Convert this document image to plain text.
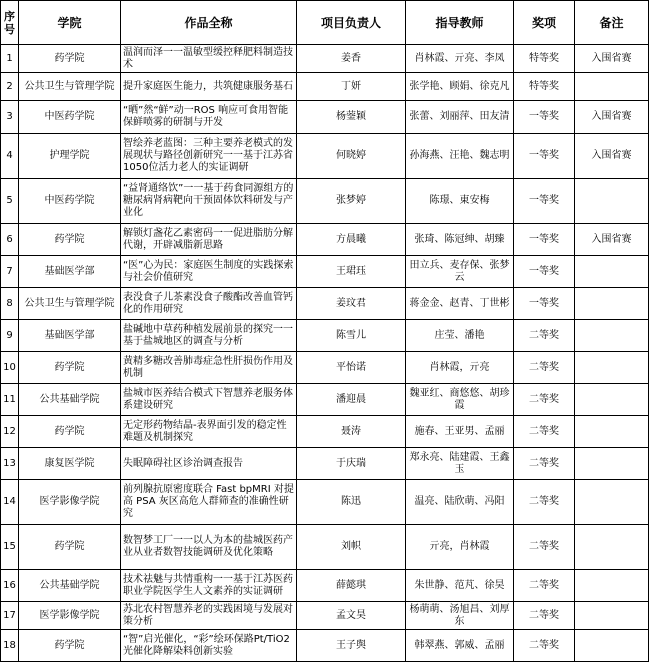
序号	学院	作品全称	项目负责人	指导教师	奖项	备注
1	药学院	温润而泽一一温敏型缓控释肥料制造技术	姜香	肖林霞、亓亮、李凤	特等奖	入围省赛
2	公共卫生与管理学院	提升家庭医生能力，共筑健康服务基石	丁妍	张学艳、顾娟、徐克凡	特等奖	
3	中医药学院	“晒”然“鲜”动一ROS 响应可食用智能保鲜喷雾的研制与开发	杨蓥颖	张蕾、刘丽萍、田友清	一等奖	入围省赛
4	护理学院	智绘养老蓝图：三种主要养老模式的发展现状与路径创新研究一一基于江苏省1050位活力老人的实证调研	何晓婷	孙海燕、汪艳、魏志明	一等奖	入围省赛
5	中医药学院	“益肾通络饮”一一基于药食同源组方的糖尿病肾病靶向干预固体饮料研发与产业化	张梦婷	陈璟、東安梅	一等奖	
6	药学院	解锁灯盏花乙素密码一一促进脂肪分解代谢，开辟减脂新思路	方晨曦	张琦、陈冠绅、胡臻	一等奖	入围省赛
7	基础医学部	“医”心为民：家庭医生制度的实践探索与社会价值研究	王珺珏	田立兵、麦存保、张梦云	一等奖	
8	公共卫生与管理学院	表没食子儿茶素没食子酸酯改善血管钙化的作用研究	姜玟君	蒋金金、赵青、丁世彬	一等奖	
9	基础医学部	盐碱地中草药种植发展前景的探究一一基于盐城地区的调查与分析	陈雪儿	庄莹、潘艳	二等奖	
10	药学院	黄精多糖改善肺毒症急性肝损伤作用及机制	平怡诺	肖林霞，亓亮	二等奖	
11	公共基础学院	盐城市医养结合模式下智慧养老服务体系建设研究	潘迎晨	魏亚红、商悠悠、胡珍霞	二等奖	
12	药学院	无定形药物结晶-表界面引发的稳定性难题及机制探究	聂涛	施春、王亚男、孟丽	二等奖	
13	康复医学院	失眠障碍社区诊治调查报告	于庆瑞	郑永亮、陆建霞、王鑫玉	二等奖	
14	医学影像学院	前列腺抗原密度联合 Fast bpMRI 对提高 PSA 灰区高危人群筛查的准确性研究	陈迅	温亮、陆欣萌、冯阳	二等奖	
15	药学院	数智梦工厂一一以人为本的盐城医药产业从业者数智技能调研及优化策略	刘帜	亓亮，肖林霞	二等奖	
16	公共基础学院	技术祛魅与共情重构一一基于江苏医药职业学院医学生人文素养的实证调研	薛懿琪	朱世静、范芃、徐昊	二等奖	
17	医学影像学院	苏北农村智慧养老的实践困境与发展对策分析	孟文昊	杨萌萌、汤旭昌、刘厚东	二等奖	
18	药学院	“智”启光催化，“彩”绘环保路Pt/TiO2光催化降解染料创新实验	王子舆	韩翠燕、郭威、孟丽	二等奖	
